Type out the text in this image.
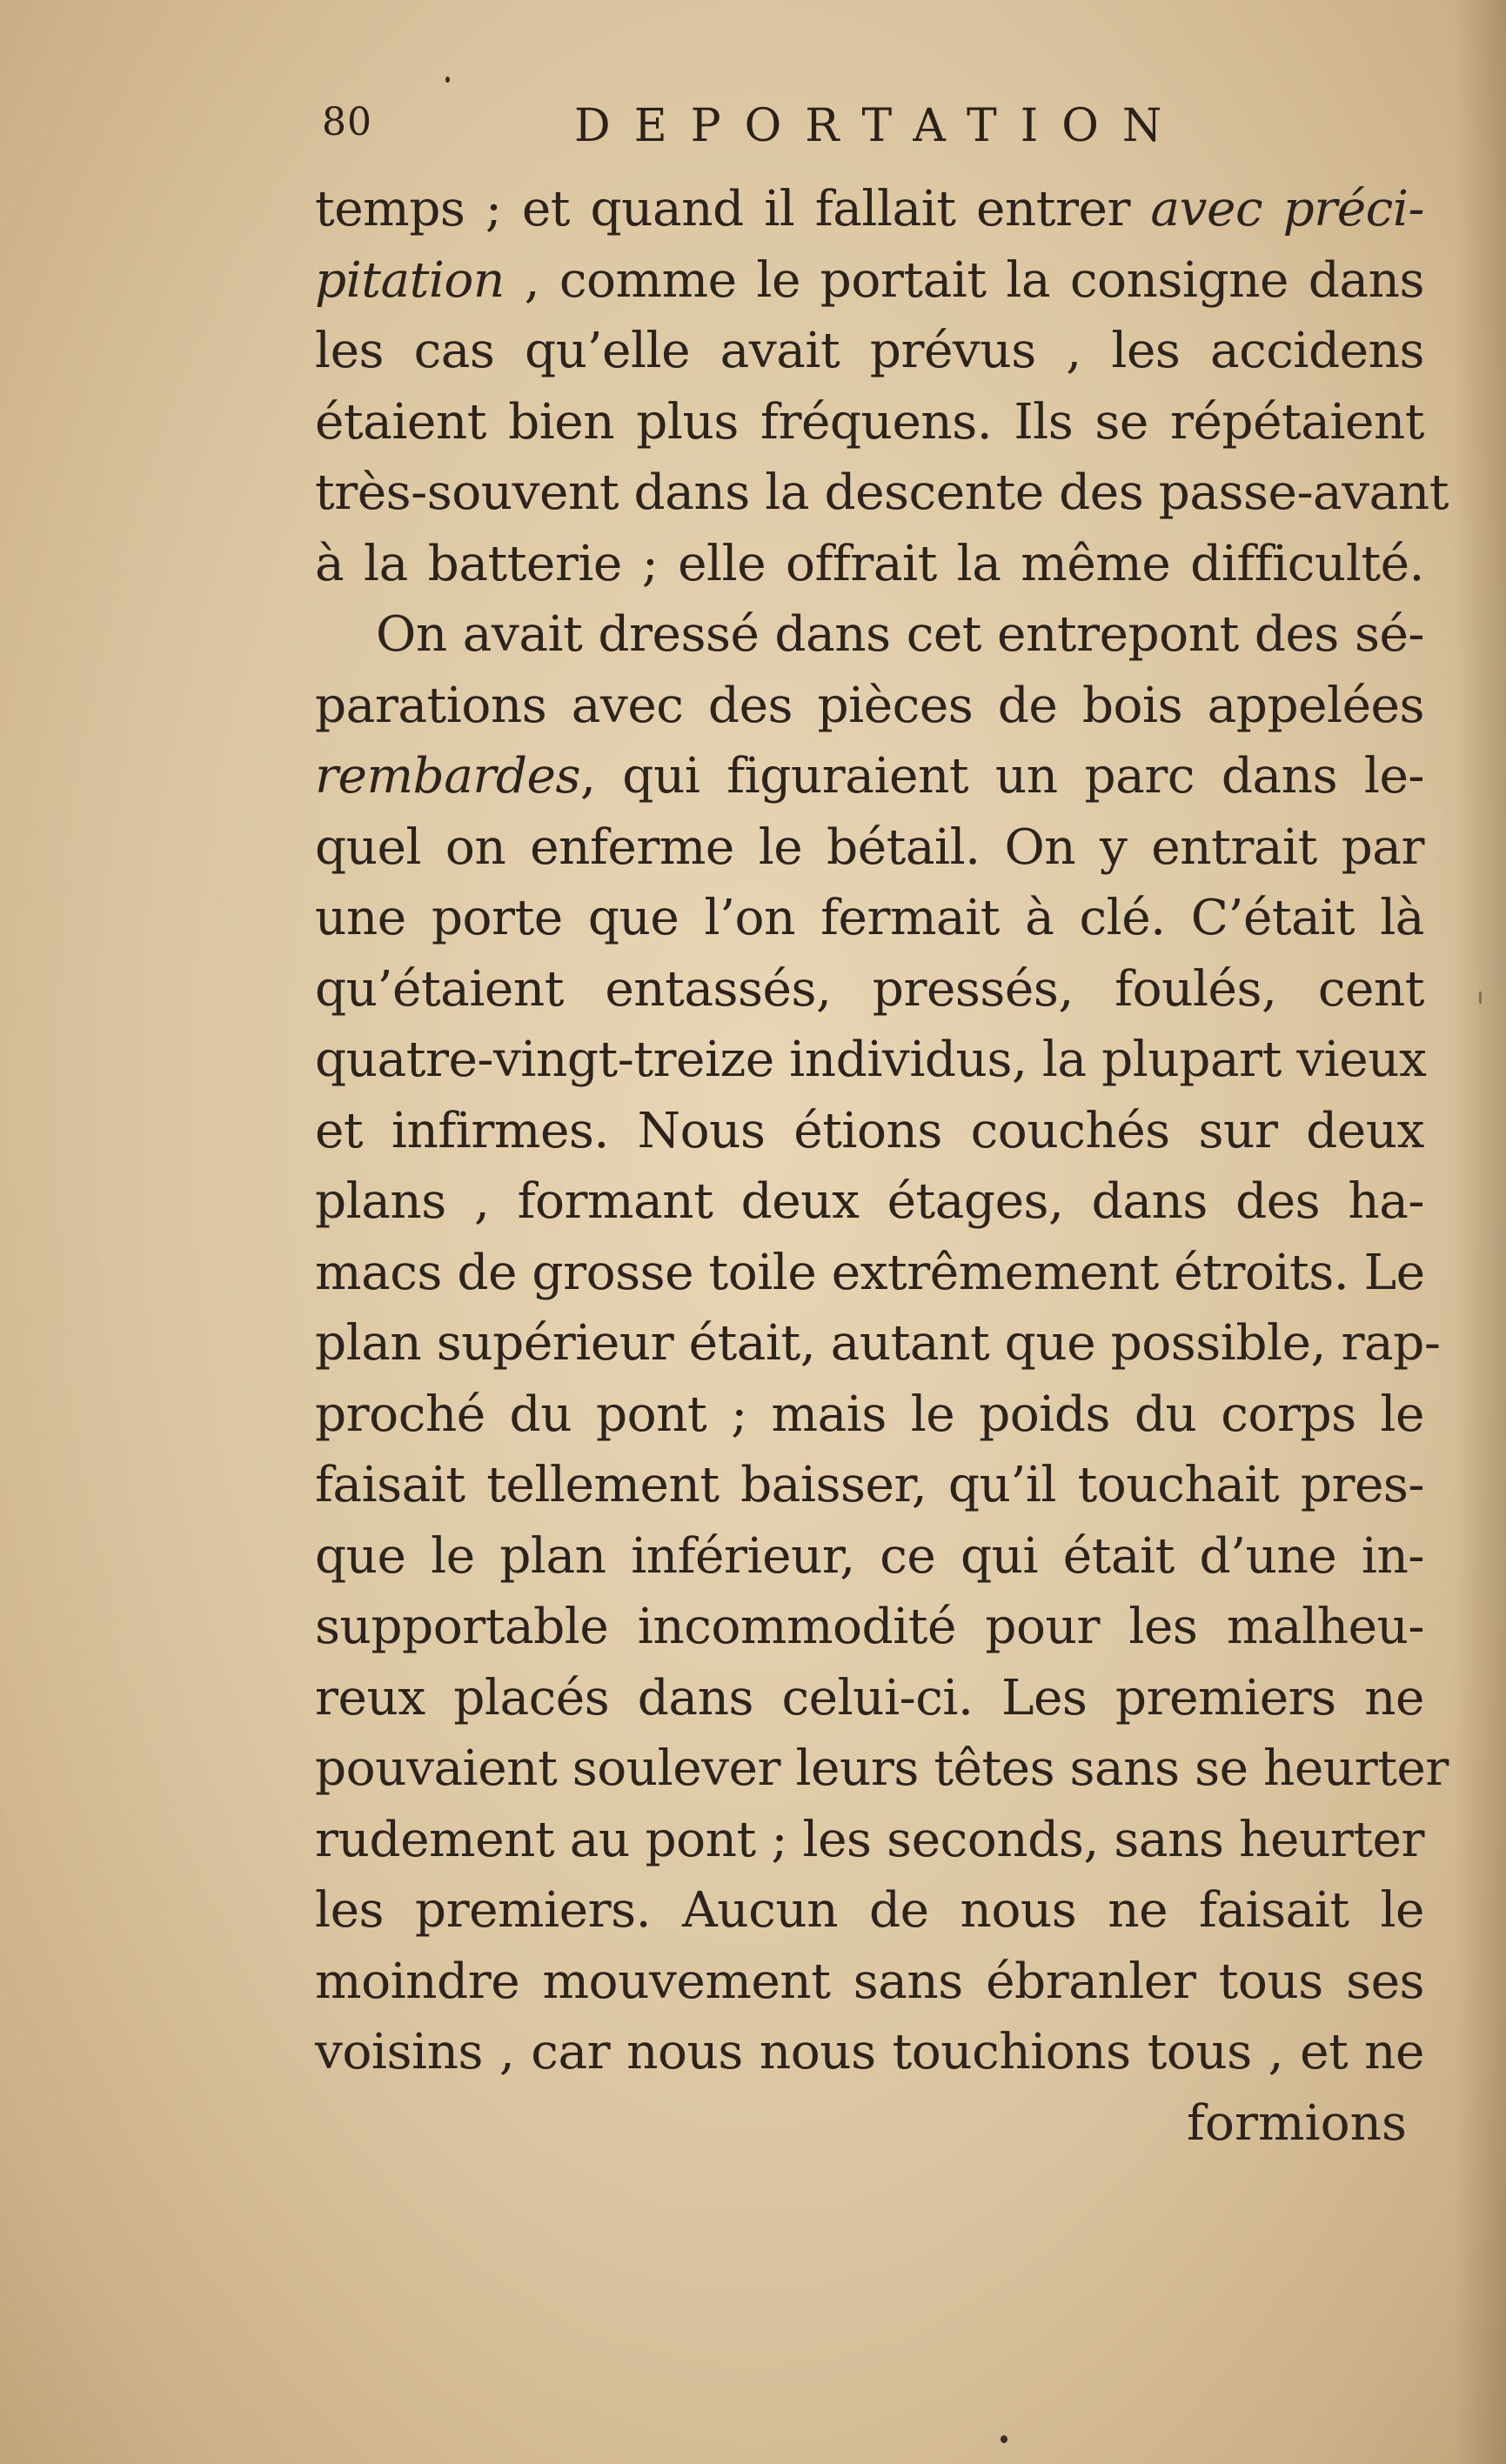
80	DEPORTATION
temps ; et quand il fallait entrer avec préci-
pitation , comme le portait la consigne dans
les cas qu’elle avait prévus , les accidens
étaient bien plus fréquens. Ils se répétaient
très-souvent dans la descente des passe-avant
à la batterie ; elle offrait la même difficulté.
On avait dressé dans cet entrepont des sé-
parations avec des pièces de bois appelées
rembardes, qui figuraient un parc dans le-
quel on enferme le bétail. On y entrait par
une porte que l’on fermait à clé. C’était là
qu’étaient entassés, pressés, foulés, cent
quatre-vingt-treize individus, la plupart vieux
et infirmes. Nous étions couchés sur deux
plans , formant deux étages, dans des ha-
macs de grosse toile extrêmement étroits. Le
plan supérieur était, autant que possible, rap-
proché du pont ; mais le poids du corps le
faisait tellement baisser, qu’il touchait pres-
que le plan inférieur, ce qui était d’une in-
supportable incommodité pour les malheu-
reux placés dans celui-ci. Les premiers ne
pouvaient soulever leurs têtes sans se heurter
rudement au pont ; les seconds, sans heurter
les premiers. Aucun de nous ne faisait le
moindre mouvement sans ébranler tous ses
voisins , car nous nous touchions tous , et ne
formions
